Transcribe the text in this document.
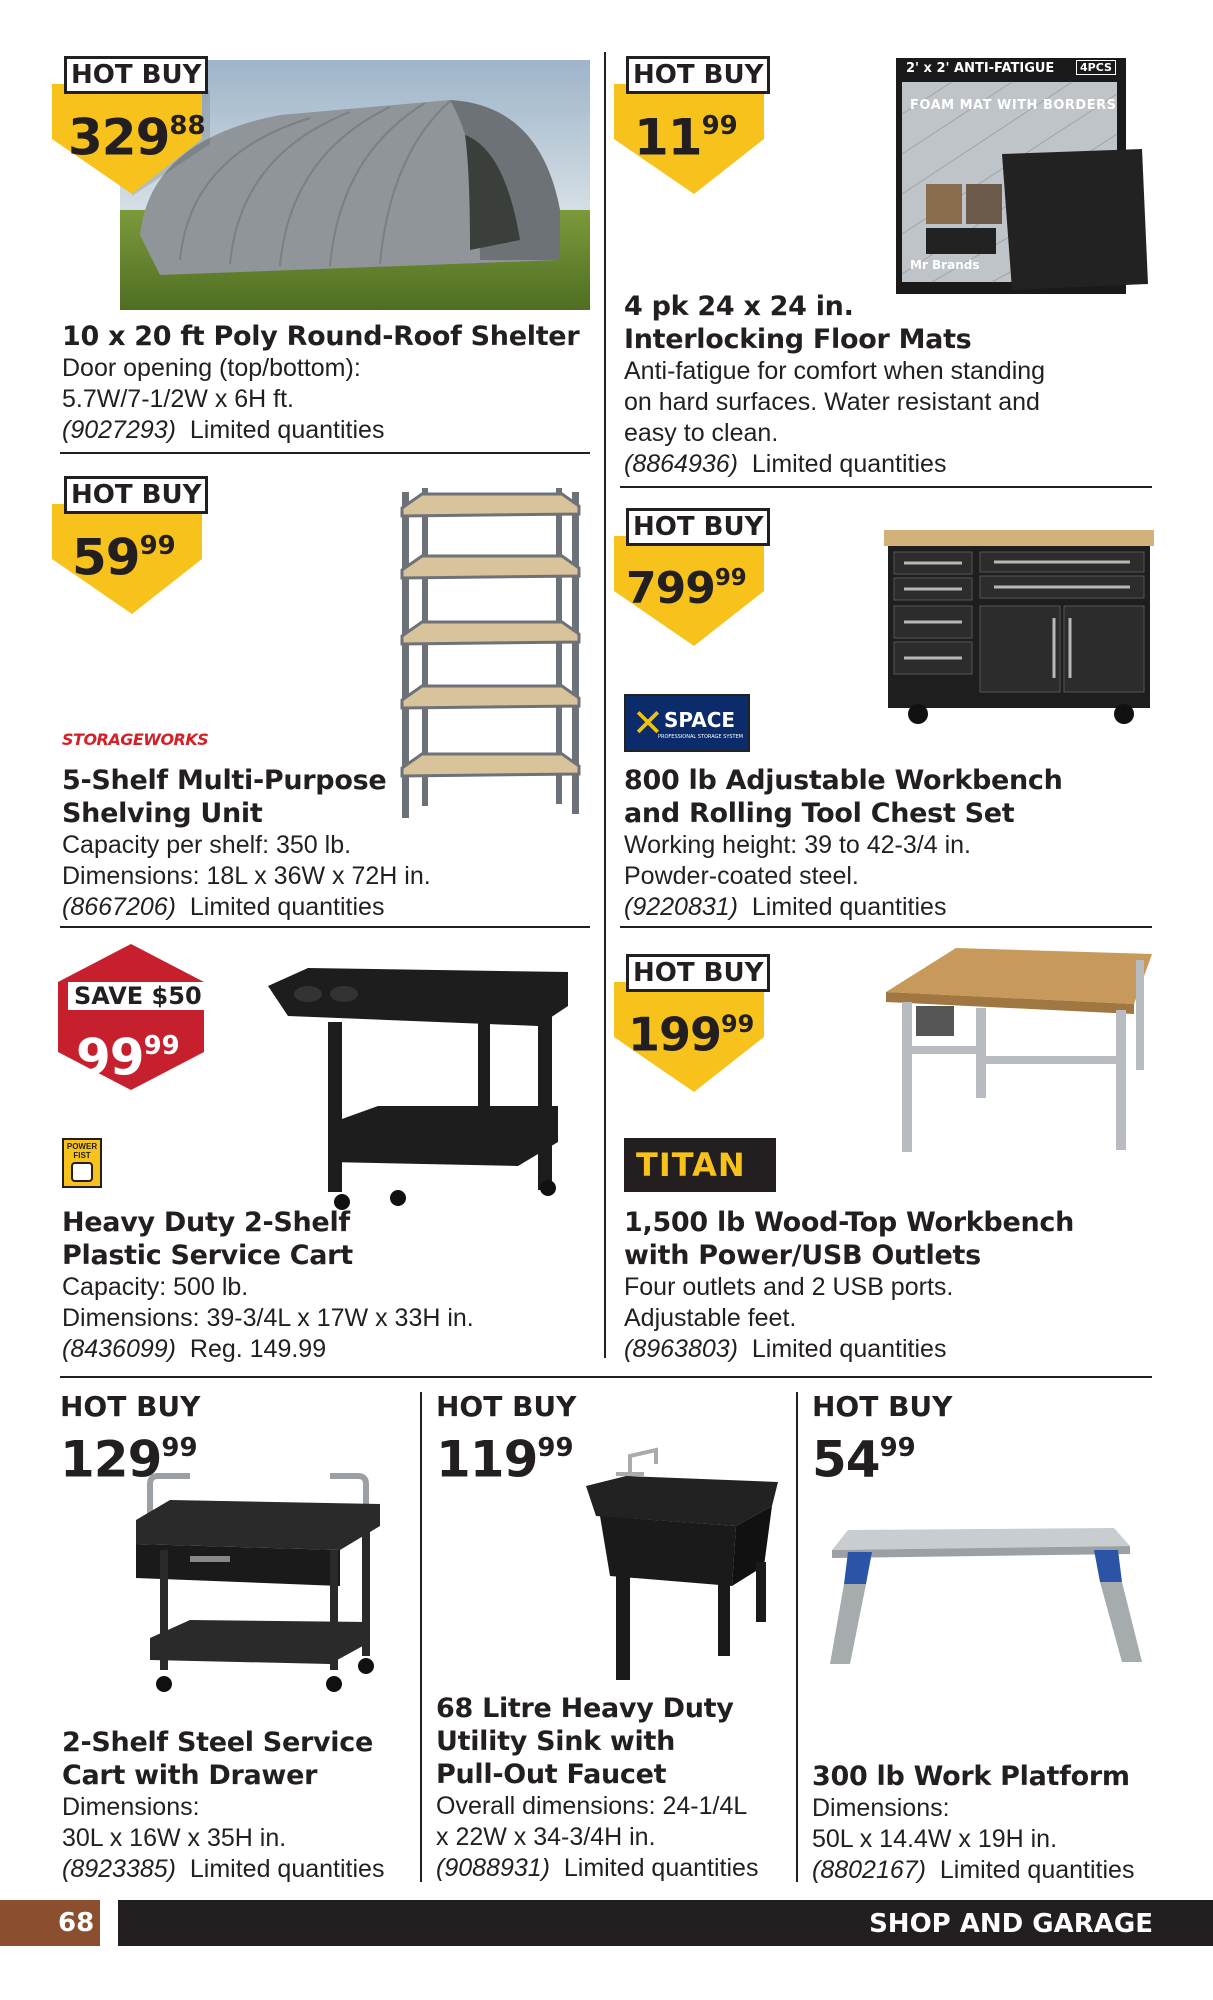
HOT BUY
$329^{88}$
10 x 20 ft Poly Round-Roof Shelter
Door opening (top/bottom):
5.7W/7-1/2W x 6H ft.
(9027293) Limited quantities
2' x 2' ANTI-FATIGUE	4PCS
FOAM MAT WITH BORDERS
Mr Brands
HOT BUY
$11^{99}$
4 pk 24 x 24 in.
Interlocking Floor Mats
Anti-fatigue for comfort when standing
on hard surfaces. Water resistant and
easy to clean.
(8864936) Limited quantities
HOT BUY
$59^{99}$
STORAGEWORKS
5-Shelf Multi-Purpose
Shelving Unit
Capacity per shelf: 350 lb.
Dimensions: 18L x 36W x 72H in.
(8667206) Limited quantities
HOT BUY
$799^{99}$
SPACE
PROFESSIONAL STORAGE SYSTEM
✕
800 lb Adjustable Workbench
and Rolling Tool Chest Set
Working height: 39 to 42-3/4 in.
Powder-coated steel.
(9220831) Limited quantities
SAVE $50
$99^{99}$
POWER FIST
Heavy Duty 2-Shelf
Plastic Service Cart
Capacity: 500 lb.
Dimensions: 39-3/4L x 17W x 33H in.
(8436099) Reg. 149.99
HOT BUY
$199^{99}$
TITAN
1,500 lb Wood-Top Workbench
with Power/USB Outlets
Four outlets and 2 USB ports.
Adjustable feet.
(8963803) Limited quantities
HOT BUY
$129^{99}$
2-Shelf Steel Service
Cart with Drawer
Dimensions:
30L x 16W x 35H in.
(8923385) Limited quantities
HOT BUY
$119^{99}$
68 Litre Heavy Duty
Utility Sink with
Pull-Out Faucet
Overall dimensions: 24-1/4L
x 22W x 34-3/4H in.
(9088931) Limited quantities
HOT BUY
$54^{99}$
300 lb Work Platform
Dimensions:
50L x 14.4W x 19H in.
(8802167) Limited quantities
68	SHOP AND GARAGE
